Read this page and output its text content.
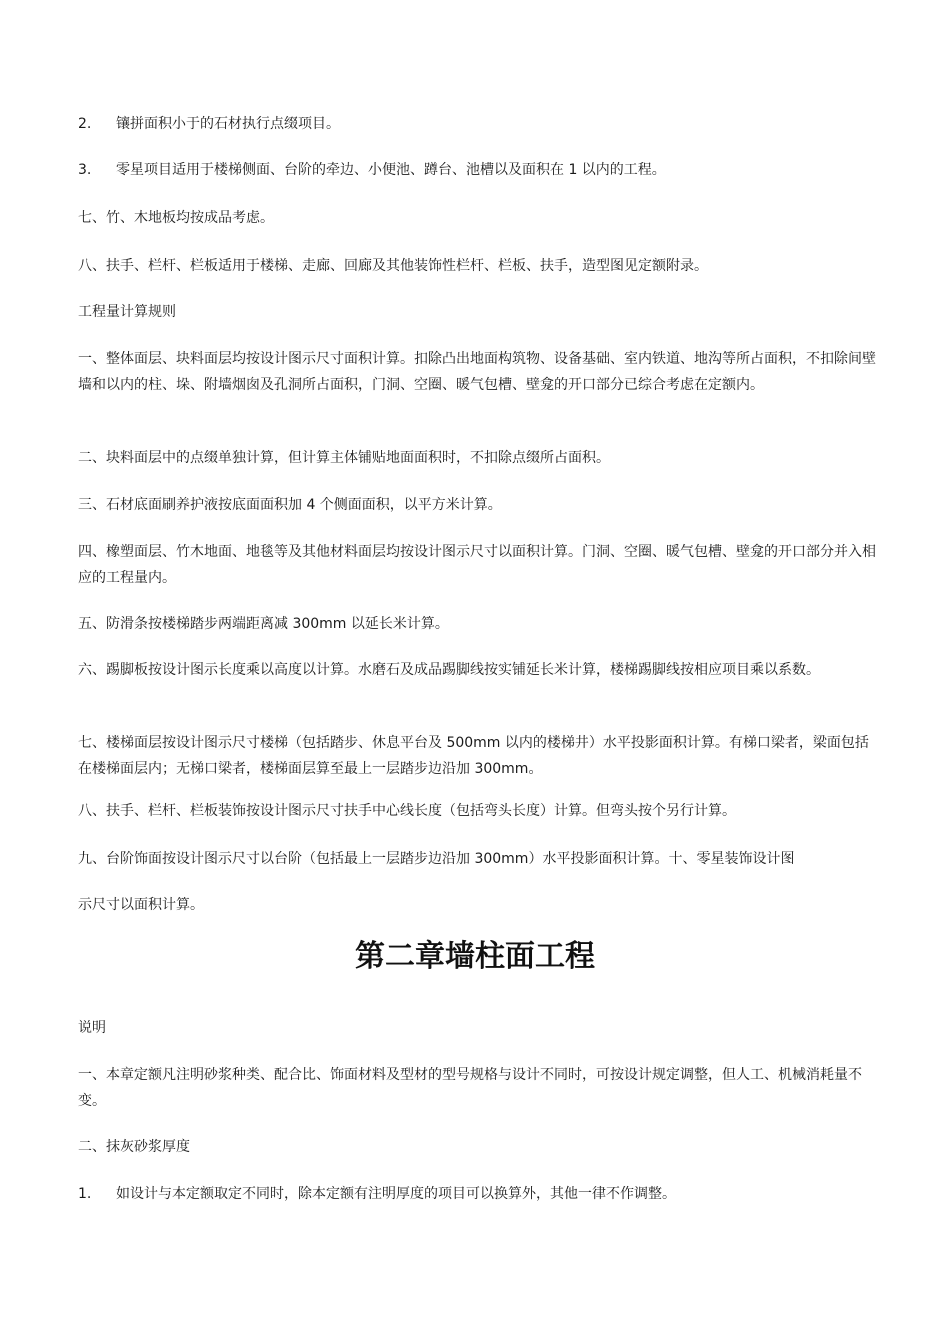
2. 镶拼面积小于的石材执行点缀项目。

3. 零星项目适用于楼梯侧面、台阶的牵边、小便池、蹲台、池槽以及面积在 1 以内的工程。

七、竹、木地板均按成品考虑。

八、扶手、栏杆、栏板适用于楼梯、走廊、回廊及其他装饰性栏杆、栏板、扶手，造型图见定额附录。

工程量计算规则

一、整体面层、块料面层均按设计图示尺寸面积计算。扣除凸出地面构筑物、设备基础、室内铁道、地沟等所占面积，不扣除间壁墙和以内的柱、垛、附墙烟囱及孔洞所占面积，门洞、空圈、暖气包槽、壁龛的开口部分已综合考虑在定额内。

二、块料面层中的点缀单独计算，但计算主体铺贴地面面积时，不扣除点缀所占面积。

三、石材底面刷养护液按底面面积加 4 个侧面面积，以平方米计算。

四、橡塑面层、竹木地面、地毯等及其他材料面层均按设计图示尺寸以面积计算。门洞、空圈、暖气包槽、壁龛的开口部分并入相应的工程量内。

五、防滑条按楼梯踏步两端距离减 300mm 以延长米计算。

六、踢脚板按设计图示长度乘以高度以计算。水磨石及成品踢脚线按实铺延长米计算，楼梯踢脚线按相应项目乘以系数。

七、楼梯面层按设计图示尺寸楼梯（包括踏步、休息平台及 500mm 以内的楼梯井）水平投影面积计算。有梯口梁者，梁面包括在楼梯面层内；无梯口梁者，楼梯面层算至最上一层踏步边沿加 300mm。

八、扶手、栏杆、栏板装饰按设计图示尺寸扶手中心线长度（包括弯头长度）计算。但弯头按个另行计算。

九、台阶饰面按设计图示尺寸以台阶（包括最上一层踏步边沿加 300mm）水平投影面积计算。十、零星装饰设计图

示尺寸以面积计算。

第二章墙柱面工程

说明

一、本章定额凡注明砂浆种类、配合比、饰面材料及型材的型号规格与设计不同时，可按设计规定调整，但人工、机械消耗量不变。

二、抹灰砂浆厚度

1. 如设计与本定额取定不同时，除本定额有注明厚度的项目可以换算外，其他一律不作调整。
